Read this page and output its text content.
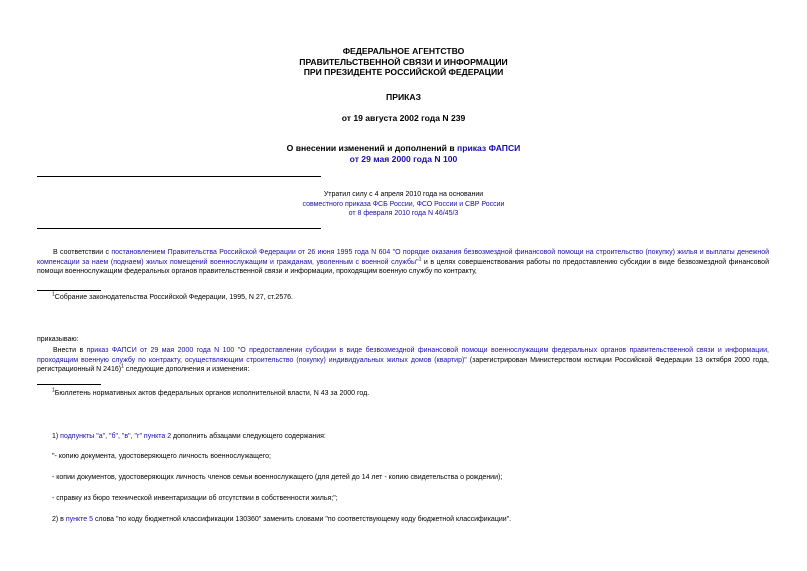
ФЕДЕРАЛЬНОЕ АГЕНТСТВО
ПРАВИТЕЛЬСТВЕННОЙ СВЯЗИ И ИНФОРМАЦИИ
ПРИ ПРЕЗИДЕНТЕ РОССИЙСКОЙ ФЕДЕРАЦИИ
ПРИКАЗ
от 19 августа 2002 года N 239
О внесении изменений и дополнений в приказ ФАПСИ
от 29 мая 2000 года N 100
Утратил силу с 4 апреля 2010 года на основании
совместного приказа ФСБ России, ФСО России и СВР России
от 8 февраля 2010 года N 46/45/3
В соответствии с постановлением Правительства Российской Федерации от 26 июня 1995 года N 604 "О порядке оказания безвозмездной финансовой помощи на строительство (покупку) жилья и выплаты денежной компенсации за наем (поднаем) жилых помещений военнослужащим и гражданам, уволенным с военной службы"$^1$ и в целях совершенствования работы по предоставлению субсидии в виде безвозмездной финансовой помощи военнослужащим федеральных органов правительственной связи и информации, проходящим военную службу по контракту,
$^1$Собрание законодательства Российской Федерации, 1995, N 27, ст.2576.
приказываю:
Внести в приказ ФАПСИ от 29 мая 2000 года N 100 "О предоставлении субсидии в виде безвозмездной финансовой помощи военнослужащим федеральных органов правительственной связи и информации, проходящим военную службу по контракту, осуществляющим строительство (покупку) индивидуальных жилых домов (квартир)" (зарегистрирован Министерством юстиции Российской Федерации 13 октября 2000 года, регистрационный N 2416)$^1$ следующие дополнения и изменения:
$^1$Бюллетень нормативных актов федеральных органов исполнительной власти, N 43 за 2000 год.
1) подпункты "а", "б", "в", "г" пункта 2 дополнить абзацами следующего содержания:
"- копию документа, удостоверяющего личность военнослужащего;
- копии документов, удостоверяющих личность членов семьи военнослужащего (для детей до 14 лет - копию свидетельства о рождении);
- справку из бюро технической инвентаризации об отсутствии в собственности жилья;";
2) в пункте 5 слова "по коду бюджетной классификации 130360" заменить словами "по соответствующему коду бюджетной классификации".
